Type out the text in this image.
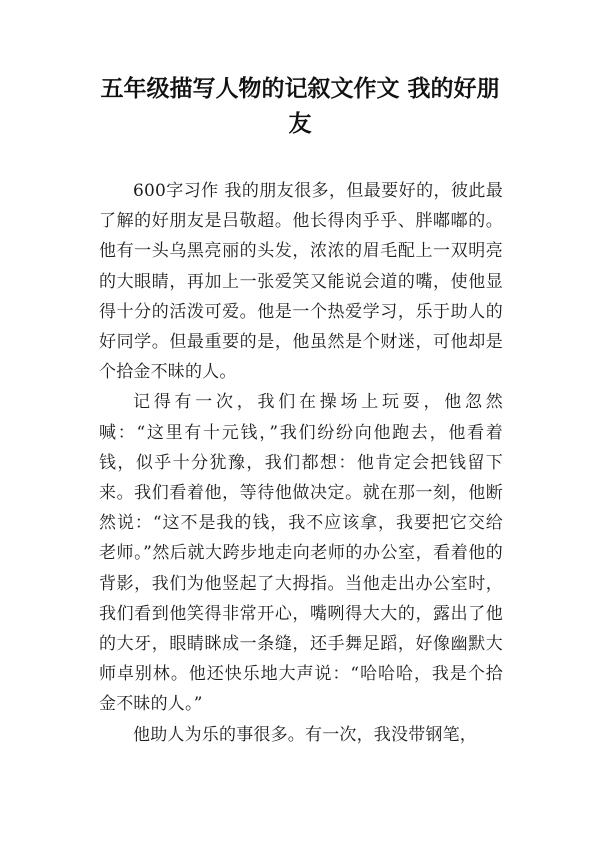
五年级描写人物的记叙文作文 我的好朋友

600字习作 我的朋友很多，但最要好的，彼此最了解的好朋友是吕敬超。他长得肉乎乎、胖嘟嘟的。他有一头乌黑亮丽的头发，浓浓的眉毛配上一双明亮的大眼睛，再加上一张爱笑又能说会道的嘴，使他显得十分的活泼可爱。他是一个热爱学习，乐于助人的好同学。但最重要的是，他虽然是个财迷，可他却是个拾金不昧的人。

记得有一次，我们在操场上玩耍，他忽然喊：“这里有十元钱，”我们纷纷向他跑去，他看着钱，似乎十分犹豫，我们都想：他肯定会把钱留下来。我们看着他，等待他做决定。就在那一刻，他断然说：“这不是我的钱，我不应该拿，我要把它交给老师。”然后就大跨步地走向老师的办公室，看着他的背影，我们为他竖起了大拇指。当他走出办公室时，我们看到他笑得非常开心，嘴咧得大大的，露出了他的大牙，眼睛眯成一条缝，还手舞足蹈，好像幽默大师卓别林。他还快乐地大声说：“哈哈哈，我是个拾金不昧的人。”

他助人为乐的事很多。有一次，我没带钢笔，
